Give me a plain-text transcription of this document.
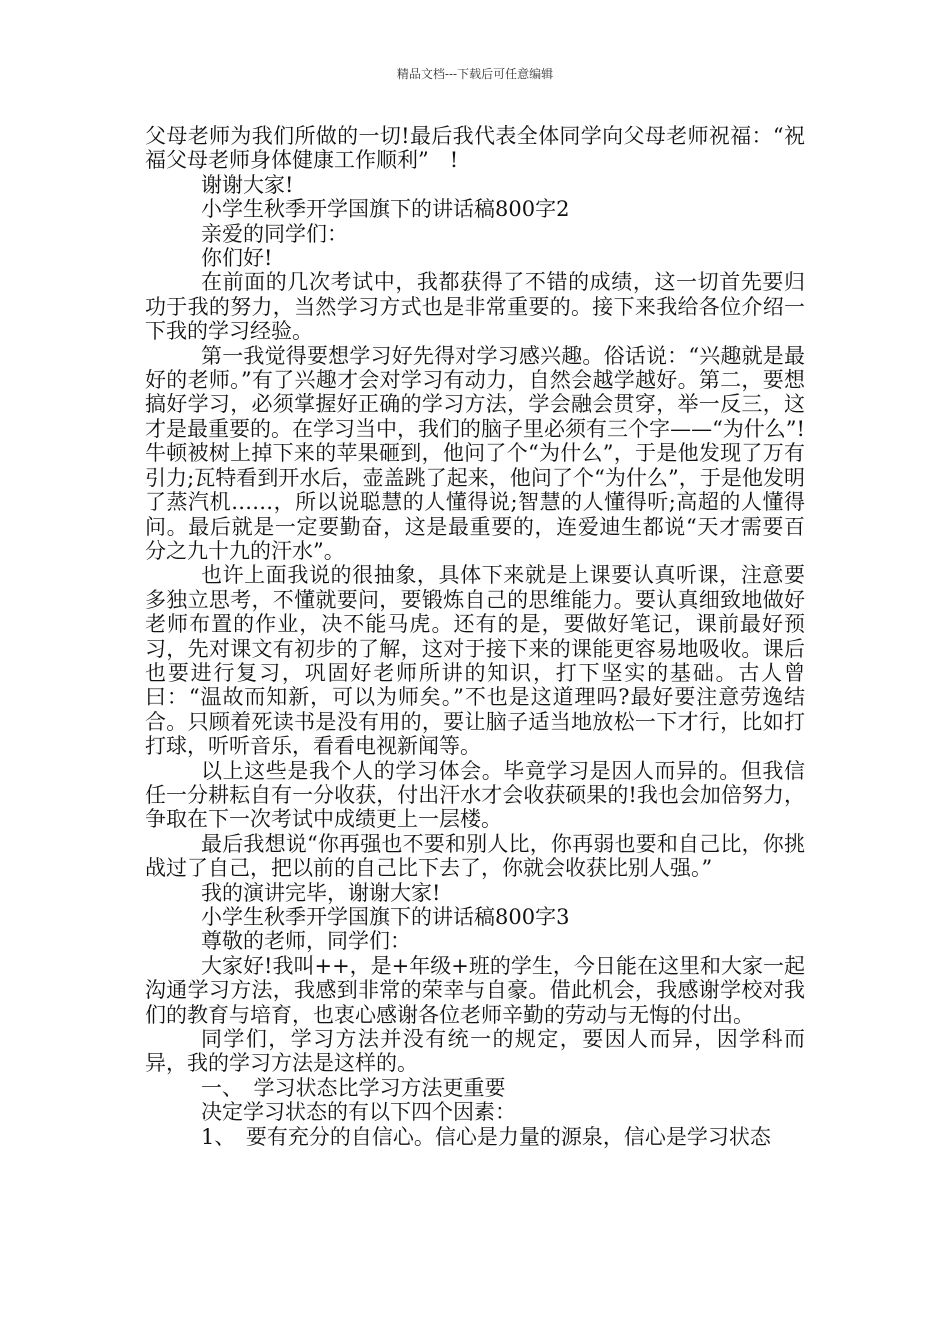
精品文档---下载后可任意编辑

父母老师为我们所做的一切!最后我代表全体同学向父母老师祝福：“祝福父母老师身体健康工作顺利”　!

谢谢大家!

小学生秋季开学国旗下的讲话稿800字2

亲爱的同学们：

你们好!

在前面的几次考试中，我都获得了不错的成绩，这一切首先要归功于我的努力，当然学习方式也是非常重要的。接下来我给各位介绍一下我的学习经验。

第一我觉得要想学习好先得对学习感兴趣。俗话说：“兴趣就是最好的老师。”有了兴趣才会对学习有动力，自然会越学越好。第二，要想搞好学习，必须掌握好正确的学习方法，学会融会贯穿，举一反三，这才是最重要的。在学习当中，我们的脑子里必须有三个字——“为什么”!牛顿被树上掉下来的苹果砸到，他问了个“为什么”，于是他发现了万有引力;瓦特看到开水后，壶盖跳了起来，他问了个“为什么”，于是他发明了蒸汽机……，所以说聪慧的人懂得说;智慧的人懂得听;高超的人懂得问。最后就是一定要勤奋，这是最重要的，连爱迪生都说“天才需要百分之九十九的汗水”。

也许上面我说的很抽象，具体下来就是上课要认真听课，注意要多独立思考，不懂就要问，要锻炼自己的思维能力。要认真细致地做好老师布置的作业，决不能马虎。还有的是，要做好笔记，课前最好预习，先对课文有初步的了解，这对于接下来的课能更容易地吸收。课后也要进行复习，巩固好老师所讲的知识，打下坚实的基础。古人曾曰：“温故而知新，可以为师矣。”不也是这道理吗?最好要注意劳逸结合。只顾着死读书是没有用的，要让脑子适当地放松一下才行，比如打打球，听听音乐，看看电视新闻等。

以上这些是我个人的学习体会。毕竟学习是因人而异的。但我信任一分耕耘自有一分收获，付出汗水才会收获硕果的!我也会加倍努力，争取在下一次考试中成绩更上一层楼。

最后我想说“你再强也不要和别人比，你再弱也要和自己比，你挑战过了自己，把以前的自己比下去了，你就会收获比别人强。”

我的演讲完毕，谢谢大家!

小学生秋季开学国旗下的讲话稿800字3

尊敬的老师，同学们：

大家好!我叫++，是+年级+班的学生，今日能在这里和大家一起沟通学习方法，我感到非常的荣幸与自豪。借此机会，我感谢学校对我们的教育与培育，也衷心感谢各位老师辛勤的劳动与无悔的付出。

同学们，学习方法并没有统一的规定，要因人而异，因学科而异，我的学习方法是这样的。

一、　学习状态比学习方法更重要

决定学习状态的有以下四个因素：

1、　要有充分的自信心。信心是力量的源泉，信心是学习状态
